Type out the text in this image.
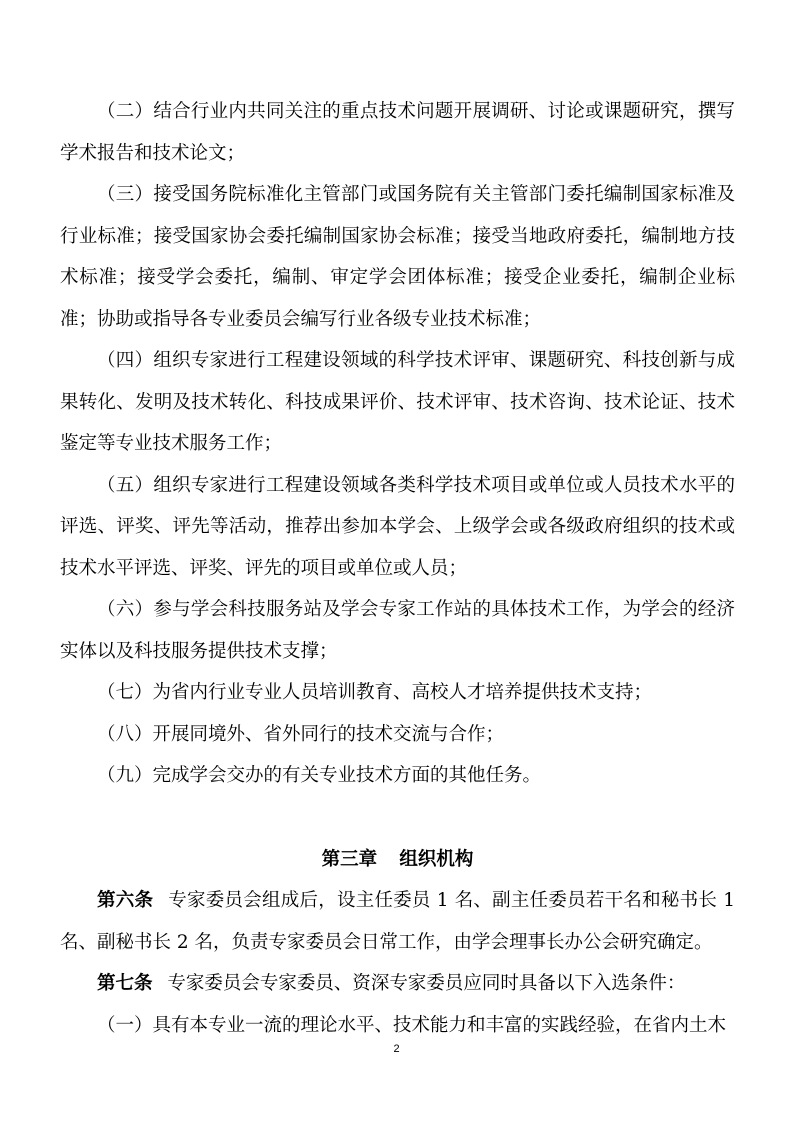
（二）结合行业内共同关注的重点技术问题开展调研、讨论或课题研究，撰写学术报告和技术论文；

（三）接受国务院标准化主管部门或国务院有关主管部门委托编制国家标准及行业标准；接受国家协会委托编制国家协会标准；接受当地政府委托，编制地方技术标准；接受学会委托，编制、审定学会团体标准；接受企业委托，编制企业标准；协助或指导各专业委员会编写行业各级专业技术标准；

（四）组织专家进行工程建设领域的科学技术评审、课题研究、科技创新与成果转化、发明及技术转化、科技成果评价、技术评审、技术咨询、技术论证、技术鉴定等专业技术服务工作；

（五）组织专家进行工程建设领域各类科学技术项目或单位或人员技术水平的评选、评奖、评先等活动，推荐出参加本学会、上级学会或各级政府组织的技术或技术水平评选、评奖、评先的项目或单位或人员；

（六）参与学会科技服务站及学会专家工作站的具体技术工作，为学会的经济实体以及科技服务提供技术支撑；

（七）为省内行业专业人员培训教育、高校人才培养提供技术支持；

（八）开展同境外、省外同行的技术交流与合作；

（九）完成学会交办的有关专业技术方面的其他任务。

第三章 组织机构

第六条 专家委员会组成后，设主任委员 1 名、副主任委员若干名和秘书长 1 名、副秘书长 2 名，负责专家委员会日常工作，由学会理事长办公会研究确定。

第七条 专家委员会专家委员、资深专家委员应同时具备以下入选条件：

（一）具有本专业一流的理论水平、技术能力和丰富的实践经验，在省内土木

2
